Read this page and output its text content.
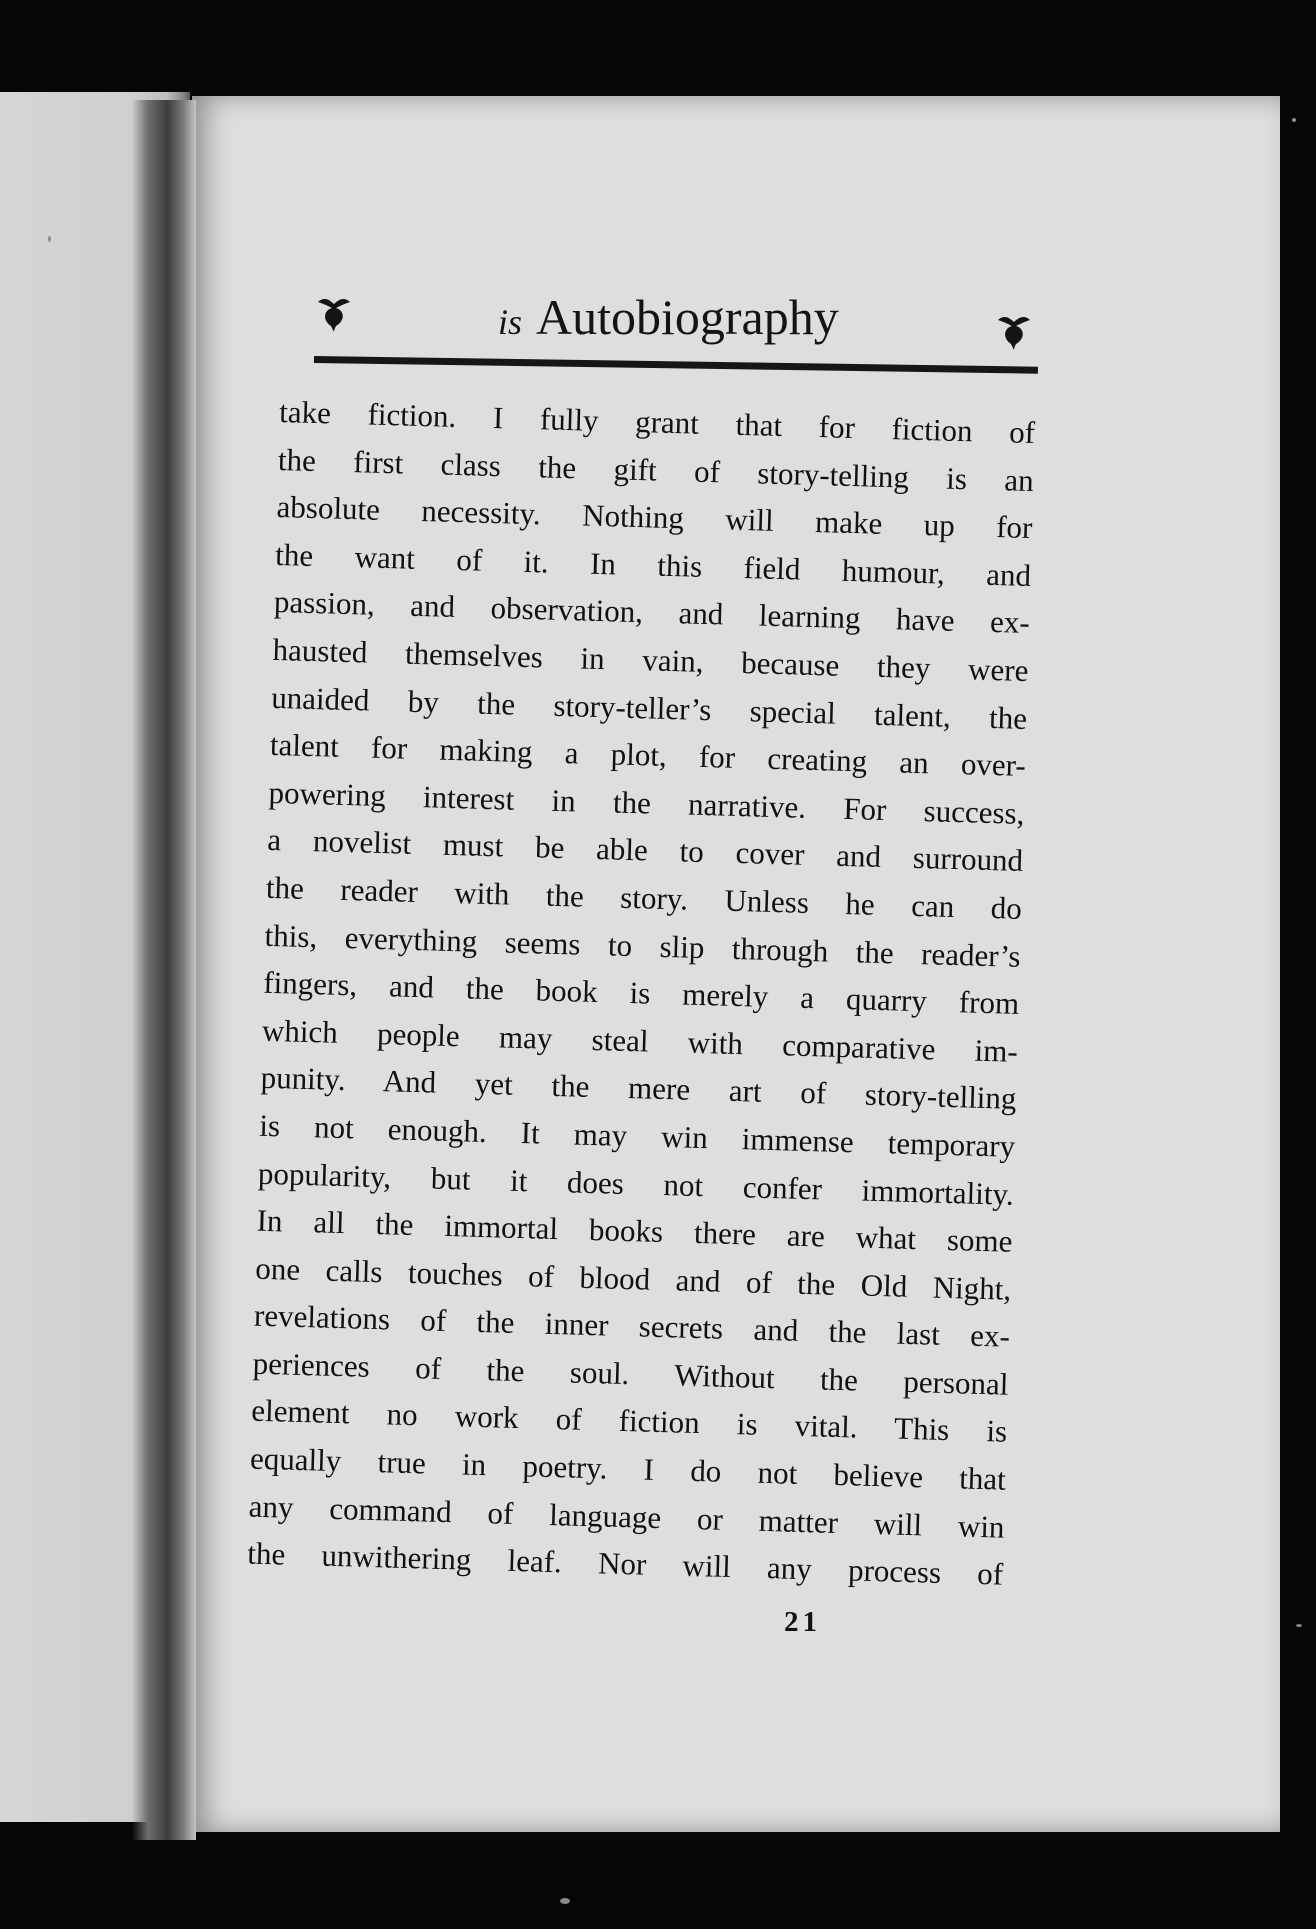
is Autobiography
take fiction. I fully grant that for fiction of
the first class the gift of story-telling is an
absolute necessity. Nothing will make up for
the want of it. In this field humour, and
passion, and observation, and learning have ex-
hausted themselves in vain, because they were
unaided by the story-teller’s special talent, the
talent for making a plot, for creating an over-
powering interest in the narrative. For success,
a novelist must be able to cover and surround
the reader with the story. Unless he can do
this, everything seems to slip through the reader’s
fingers, and the book is merely a quarry from
which people may steal with comparative im-
punity. And yet the mere art of story-telling
is not enough. It may win immense temporary
popularity, but it does not confer immortality.
In all the immortal books there are what some
one calls touches of blood and of the Old Night,
revelations of the inner secrets and the last ex-
periences of the soul. Without the personal
element no work of fiction is vital. This is
equally true in poetry. I do not believe that
any command of language or matter will win
the unwithering leaf. Nor will any process of
21
